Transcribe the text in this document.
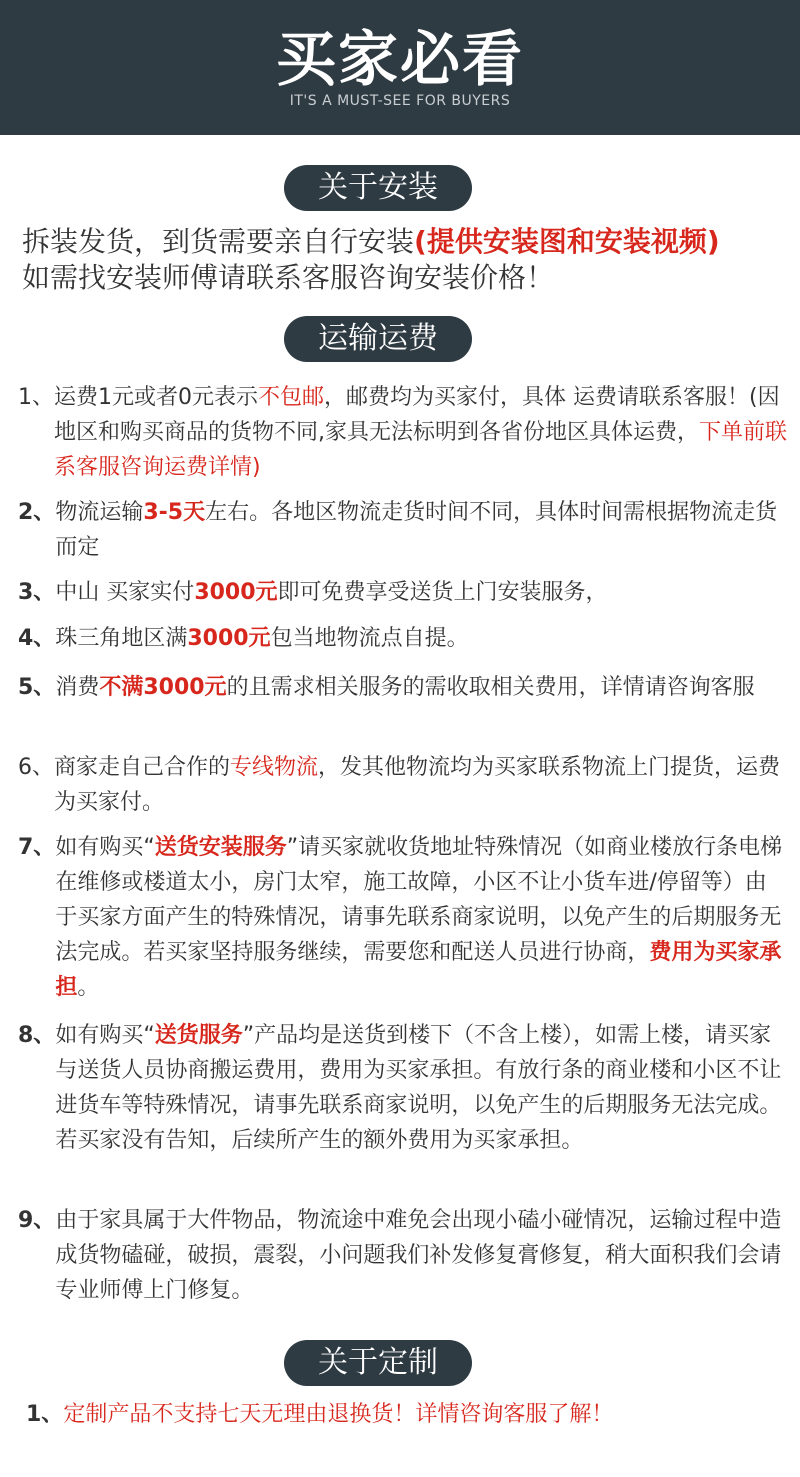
买家必看
IT'S A MUST-SEE FOR BUYERS
关于安装
拆装发货，到货需要亲自行安装(提供安装图和安装视频)
如需找安装师傅请联系客服咨询安装价格！
运输运费
1、 运费1元或者0元表示不包邮，邮费均为买家付，具体 运费请联系客服！(因地区和购买商品的货物不同,家具无法标明到各省份地区具体运费，下单前联系客服咨询运费详情)
2、 物流运输3-5天左右。各地区物流走货时间不同，具体时间需根据物流走货而定
3、 中山 买家实付3000元即可免费享受送货上门安装服务，
4、 珠三角地区满3000元包当地物流点自提。
5、 消费不满3000元的且需求相关服务的需收取相关费用，详情请咨询客服
6、 商家走自己合作的专线物流，发其他物流均为买家联系物流上门提货，运费为买家付。
7、 如有购买“送货安装服务”请买家就收货地址特殊情况（如商业楼放行条电梯在维修或楼道太小，房门太窄，施工故障，小区不让小货车进/停留等）由于买家方面产生的特殊情况，请事先联系商家说明，以免产生的后期服务无法完成。若买家坚持服务继续，需要您和配送人员进行协商，费用为买家承担。
8、 如有购买“送货服务”产品均是送货到楼下（不含上楼），如需上楼，请买家与送货人员协商搬运费用，费用为买家承担。有放行条的商业楼和小区不让进货车等特殊情况，请事先联系商家说明，以免产生的后期服务无法完成。若买家没有告知，后续所产生的额外费用为买家承担。
9、 由于家具属于大件物品，物流途中难免会出现小磕小碰情况，运输过程中造成货物磕碰，破损，震裂，小问题我们补发修复膏修复，稍大面积我们会请专业师傅上门修复。
关于定制
1、 定制产品不支持七天无理由退换货！详情咨询客服了解！
